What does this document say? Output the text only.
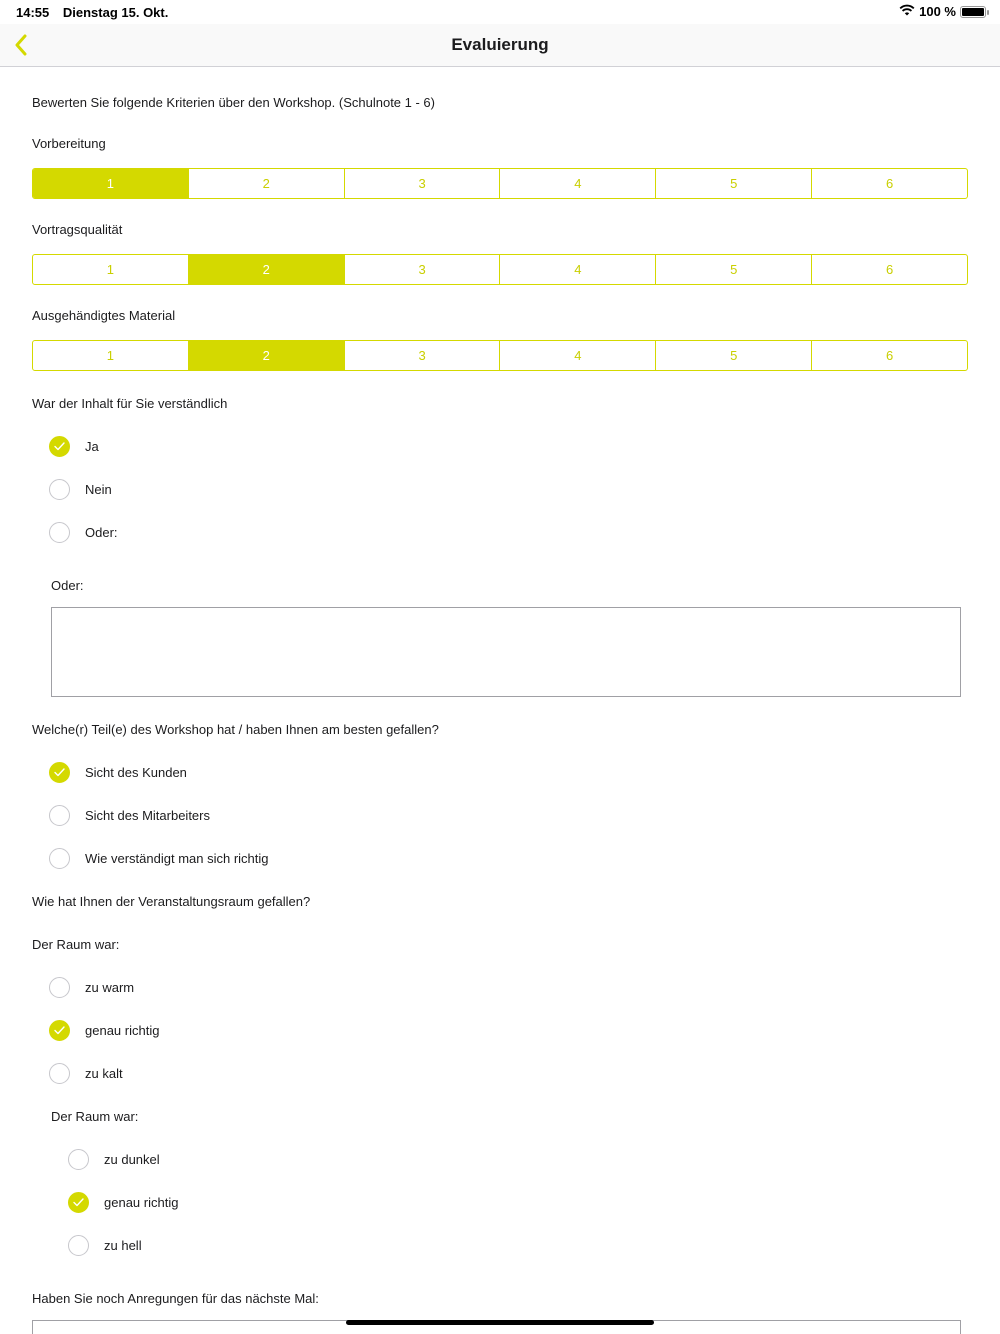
14:55 Dienstag 15. Okt.	100 %
Evaluierung
Bewerten Sie folgende Kriterien über den Workshop. (Schulnote 1 - 6)
Vorbereitung
1	2	3	4	5	6
Vortragsqualität
1	2	3	4	5	6
Ausgehändigtes Material
1	2	3	4	5	6
War der Inhalt für Sie verständlich
Ja
Nein
Oder:
Oder:
Welche(r) Teil(e) des Workshop hat / haben Ihnen am besten gefallen?
Sicht des Kunden
Sicht des Mitarbeiters
Wie verständigt man sich richtig
Wie hat Ihnen der Veranstaltungsraum gefallen?
Der Raum war:
zu warm
genau richtig
zu kalt
Der Raum war:
zu dunkel
genau richtig
zu hell
Haben Sie noch Anregungen für das nächste Mal:
